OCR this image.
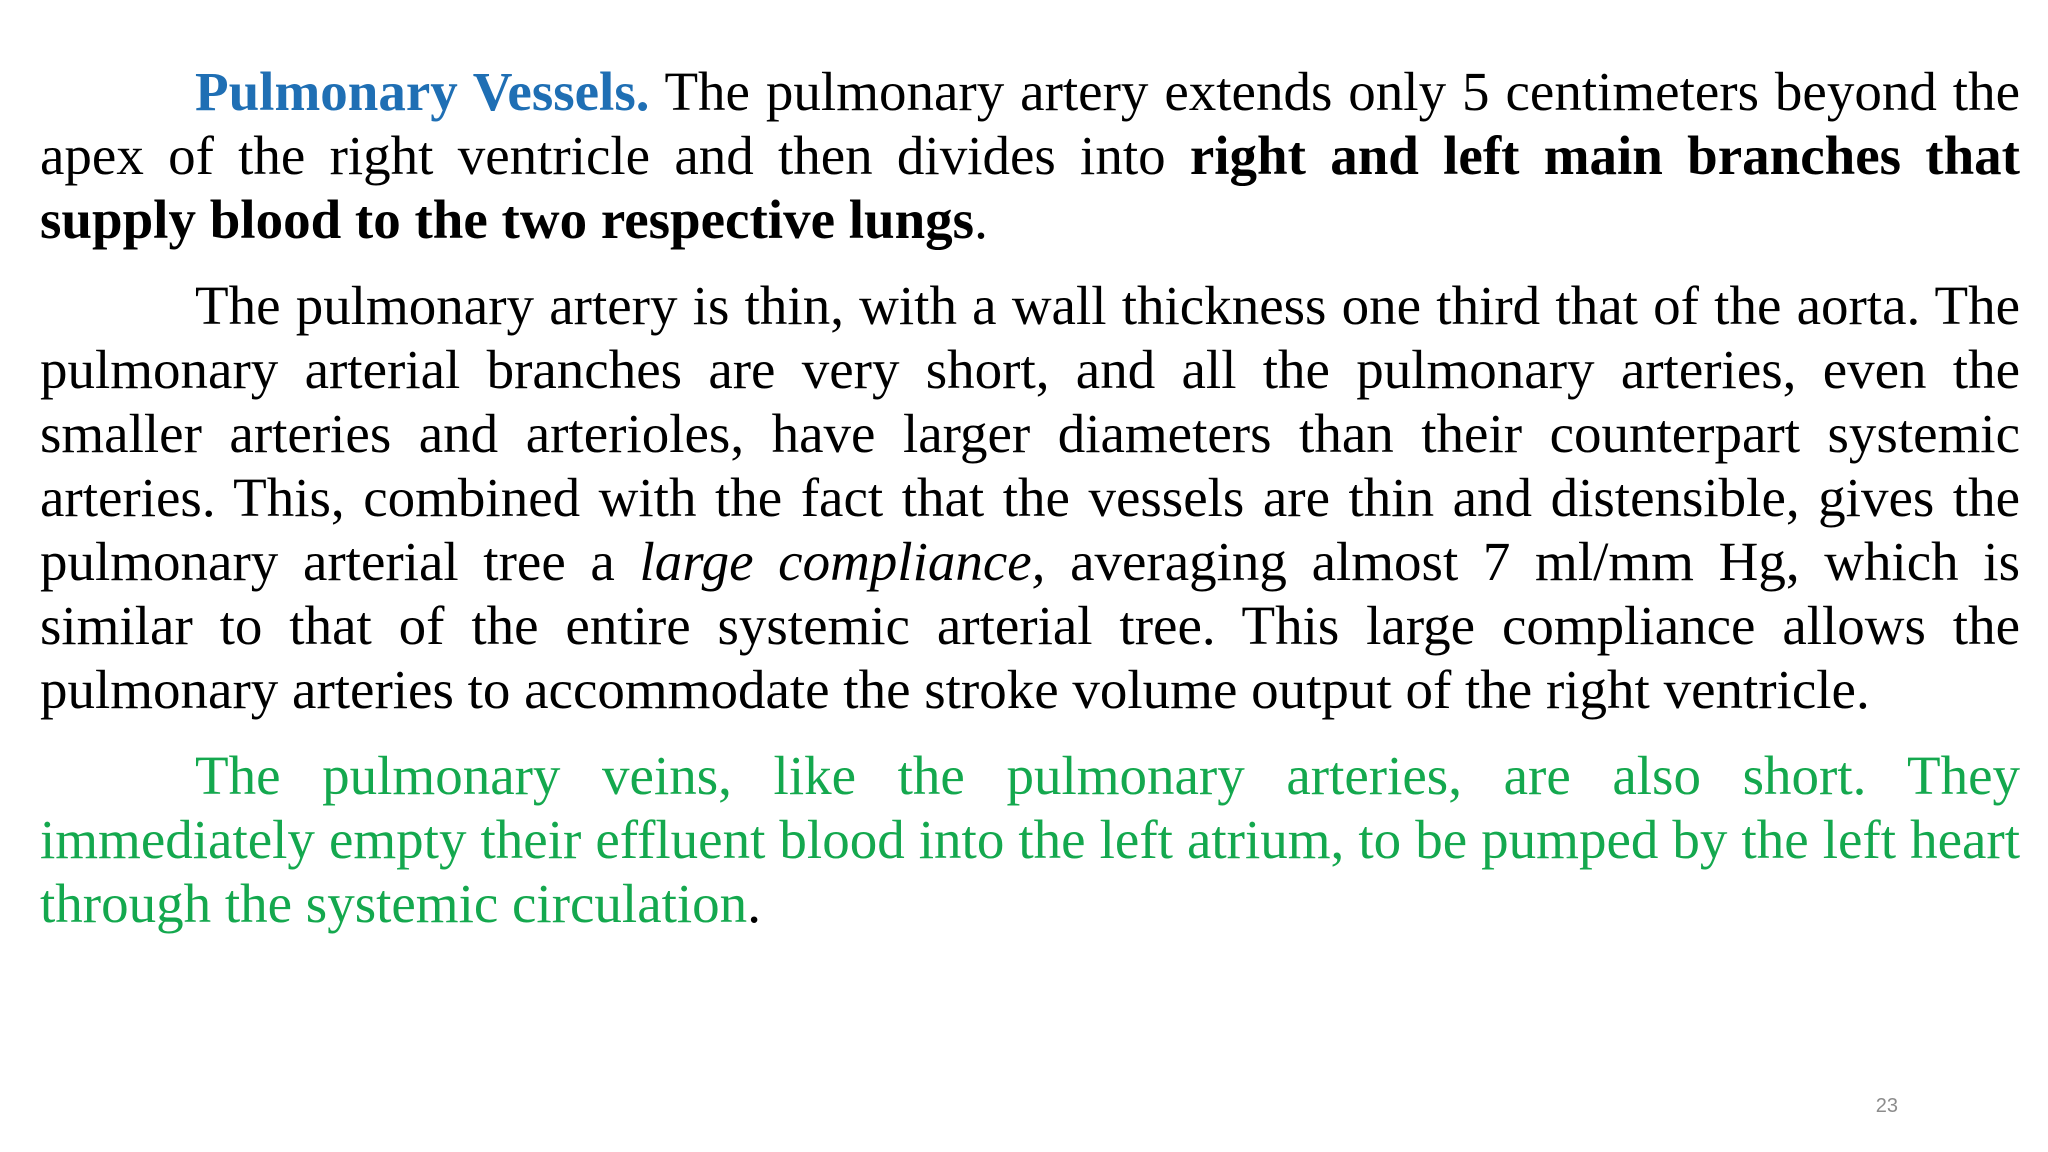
Pulmonary Vessels. The pulmonary artery extends only 5 centimeters beyond the apex of the right ventricle and then divides into right and left main branches that supply blood to the two respective lungs.

The pulmonary artery is thin, with a wall thickness one third that of the aorta. The pulmonary arterial branches are very short, and all the pulmonary arteries, even the smaller arteries and arterioles, have larger diameters than their counterpart systemic arteries. This, combined with the fact that the vessels are thin and distensible, gives the pulmonary arterial tree a large compliance, averaging almost 7 ml/mm Hg, which is similar to that of the entire systemic arterial tree. This large compliance allows the pulmonary arteries to accommodate the stroke volume output of the right ventricle.

The pulmonary veins, like the pulmonary arteries, are also short. They immediately empty their effluent blood into the left atrium, to be pumped by the left heart through the systemic circulation.

23
